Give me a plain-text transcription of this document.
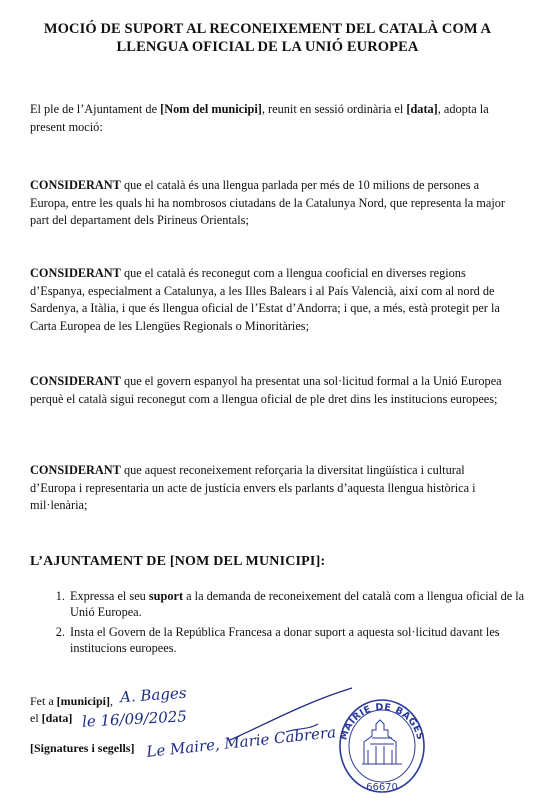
MOCIÓ DE SUPORT AL RECONEIXEMENT DEL CATALÀ COM A
LLENGUA OFICIAL DE LA UNIÓ EUROPEA
El ple de l’Ajuntament de [Nom del municipi], reunit en sessió ordinària el [data], adopta la present moció:
CONSIDERANT que el català és una llengua parlada per més de 10 milions de persones a Europa, entre les quals hi ha nombrosos ciutadans de la Catalunya Nord, que representa la major part del departament dels Pirineus Orientals;
CONSIDERANT que el català és reconegut com a llengua cooficial en diverses regions d’Espanya, especialment a Catalunya, a les Illes Balears i al País Valencià, així com al nord de Sardenya, a Itàlia, i que és llengua oficial de l’Estat d’Andorra; i que, a més, està protegit per la Carta Europea de les Llengües Regionals o Minoritàries;
CONSIDERANT que el govern espanyol ha presentat una sol·licitud formal a la Unió Europea perquè el català sigui reconegut com a llengua oficial de ple dret dins les institucions europees;
CONSIDERANT que aquest reconeixement reforçaria la diversitat lingüística i cultural d’Europa i representaria un acte de justícia envers els parlants d’aquesta llengua històrica i mil·lenària;
L’AJUNTAMENT DE [NOM DEL MUNICIPI]:
1. Expressa el seu suport a la demanda de reconeixement del català com a llengua oficial de la Unió Europea.
2. Insta el Govern de la República Francesa a donar suport a aquesta sol·licitud davant les institucions europees.
Fet a [municipi], A. Bages
el [data] le 16/09/2025
[Signatures i segells] Le Maire, Marie Cabrera MAIRIE DE BAGES
66670
